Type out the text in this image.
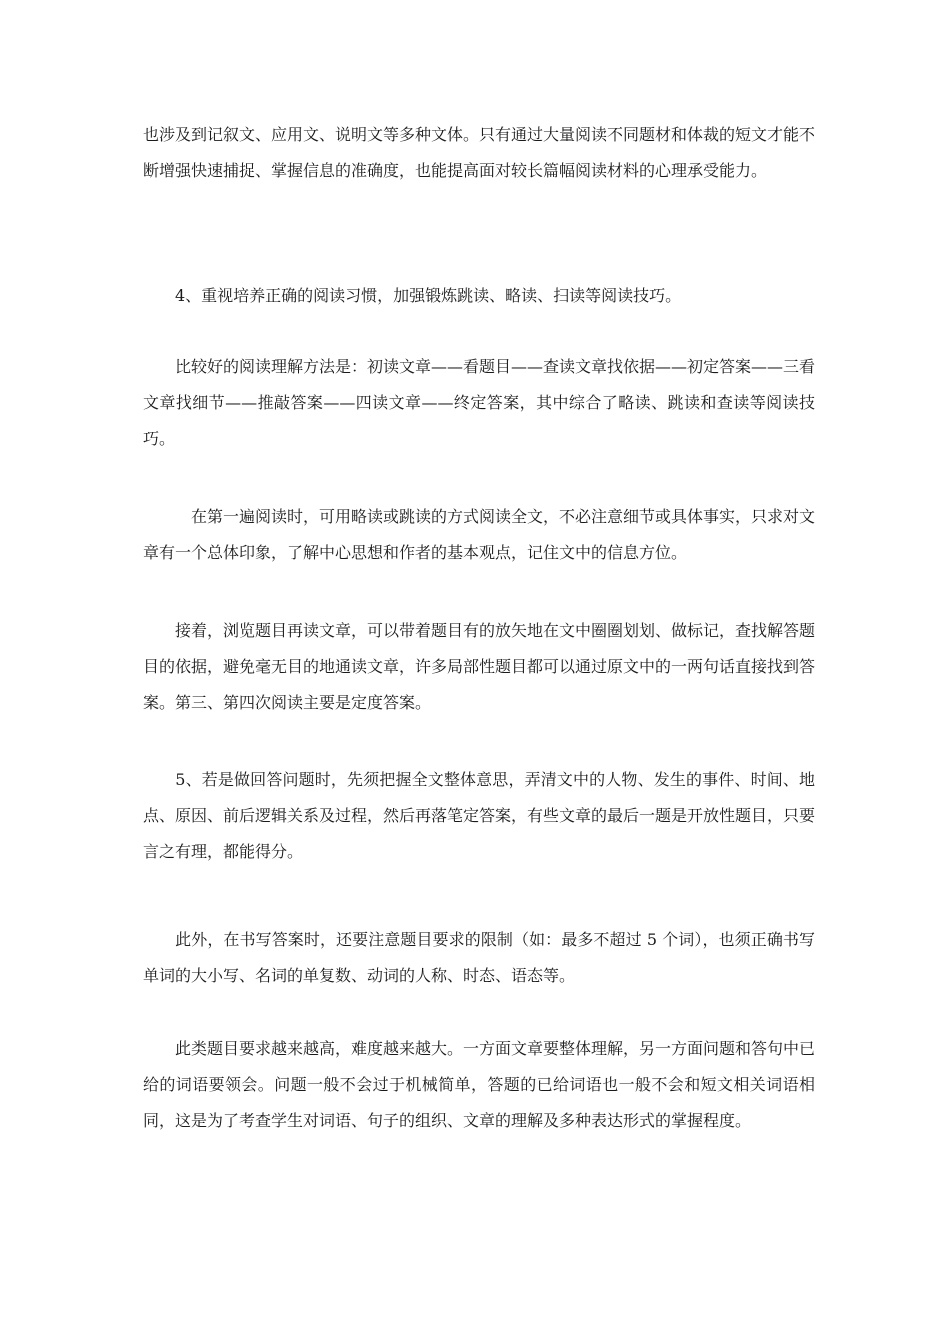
也涉及到记叙文、应用文、说明文等多种文体。只有通过大量阅读不同题材和体裁的短文才能不断增强快速捕捉、掌握信息的准确度，也能提高面对较长篇幅阅读材料的心理承受能力。

　　4、重视培养正确的阅读习惯，加强锻炼跳读、略读、扫读等阅读技巧。

　　比较好的阅读理解方法是：初读文章——看题目——查读文章找依据——初定答案——三看文章找细节——推敲答案——四读文章——终定答案，其中综合了略读、跳读和查读等阅读技巧。

　　　在第一遍阅读时，可用略读或跳读的方式阅读全文，不必注意细节或具体事实，只求对文章有一个总体印象，了解中心思想和作者的基本观点，记住文中的信息方位。

　　接着，浏览题目再读文章，可以带着题目有的放矢地在文中圈圈划划、做标记，查找解答题目的依据，避免毫无目的地通读文章，许多局部性题目都可以通过原文中的一两句话直接找到答案。第三、第四次阅读主要是定度答案。

　　5、若是做回答问题时，先须把握全文整体意思，弄清文中的人物、发生的事件、时间、地点、原因、前后逻辑关系及过程，然后再落笔定答案，有些文章的最后一题是开放性题目，只要言之有理，都能得分。

　　此外，在书写答案时，还要注意题目要求的限制（如：最多不超过 5 个词），也须正确书写单词的大小写、名词的单复数、动词的人称、时态、语态等。

　　此类题目要求越来越高，难度越来越大。一方面文章要整体理解，另一方面问题和答句中已给的词语要领会。问题一般不会过于机械简单，答题的已给词语也一般不会和短文相关词语相同，这是为了考查学生对词语、句子的组织、文章的理解及多种表达形式的掌握程度。
